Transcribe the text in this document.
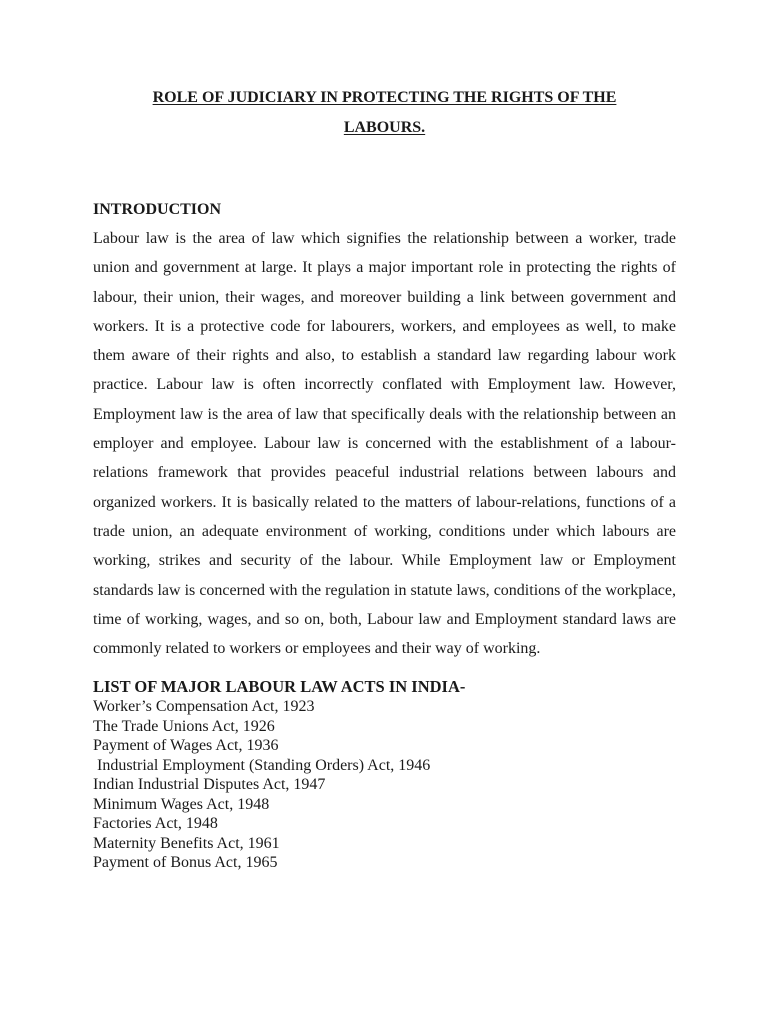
ROLE OF JUDICIARY IN PROTECTING THE RIGHTS OF THE
LABOURS.
INTRODUCTION

Labour law is the area of law which signifies the relationship between a worker, trade union and government at large. It plays a major important role in protecting the rights of labour, their union, their wages, and moreover building a link between government and workers. It is a protective code for labourers, workers, and employees as well, to make them aware of their rights and also, to establish a standard law regarding labour work practice. Labour law is often incorrectly conflated with Employment law. However, Employment law is the area of law that specifically deals with the relationship between an employer and employee. Labour law is concerned with the establishment of a labour-relations framework that provides peaceful industrial relations between labours and organized workers. It is basically related to the matters of labour-relations, functions of a trade union, an adequate environment of working, conditions under which labours are working, strikes and security of the labour. While Employment law or Employment standards law is concerned with the regulation in statute laws, conditions of the workplace, time of working, wages, and so on, both, Labour law and Employment standard laws are commonly related to workers or employees and their way of working.

LIST OF MAJOR LABOUR LAW ACTS IN INDIA-
Worker’s Compensation Act, 1923
The Trade Unions Act, 1926
Payment of Wages Act, 1936
Industrial Employment (Standing Orders) Act, 1946
Indian Industrial Disputes Act, 1947
Minimum Wages Act, 1948
Factories Act, 1948
Maternity Benefits Act, 1961
Payment of Bonus Act, 1965
